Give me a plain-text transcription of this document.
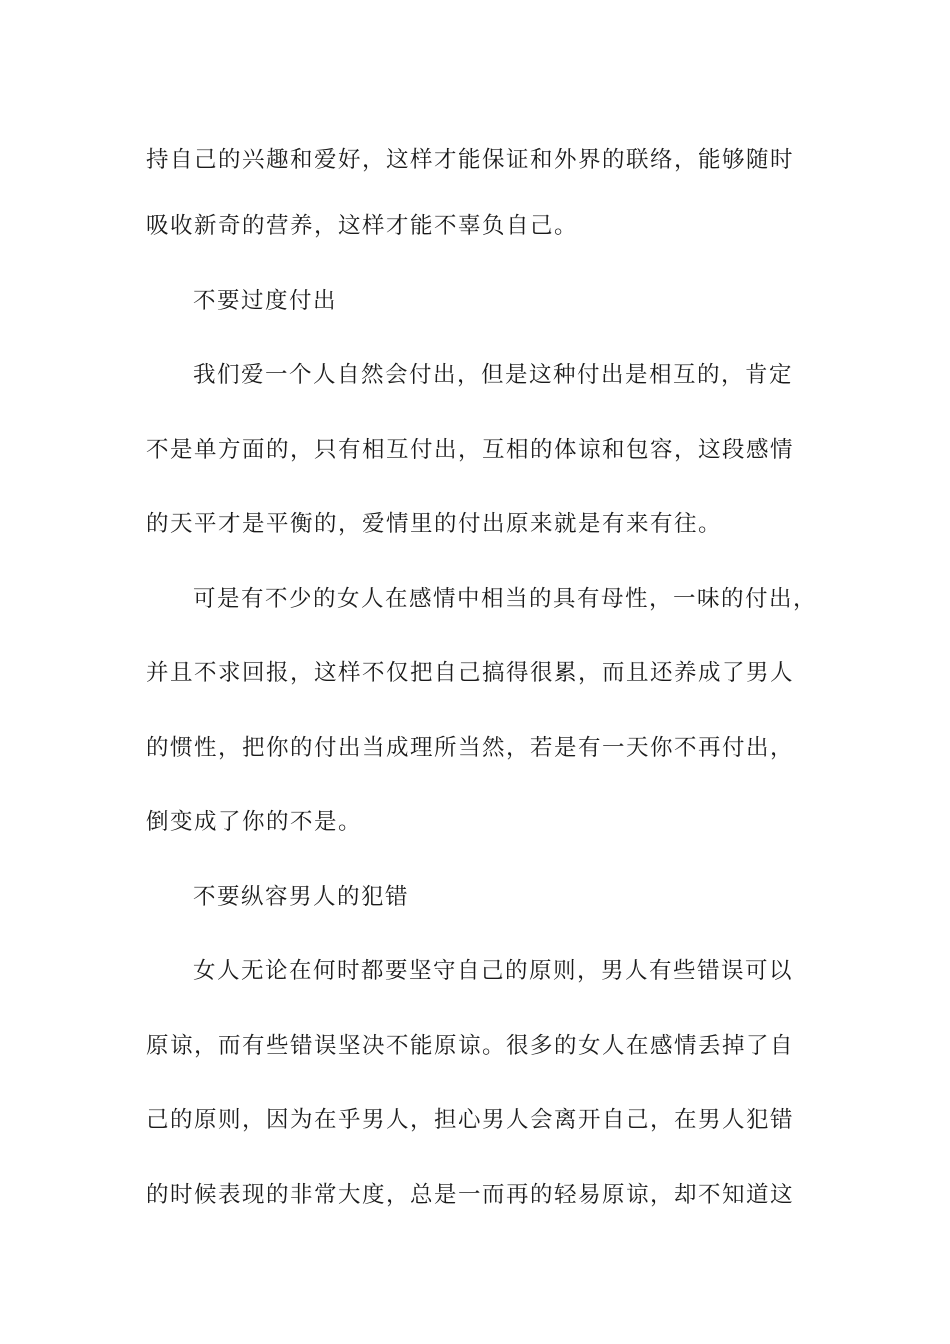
持自己的兴趣和爱好，这样才能保证和外界的联络，能够随时
吸收新奇的营养，这样才能不辜负自己。
不要过度付出
我们爱一个人自然会付出，但是这种付出是相互的，肯定
不是单方面的，只有相互付出，互相的体谅和包容，这段感情
的天平才是平衡的，爱情里的付出原来就是有来有往。
可是有不少的女人在感情中相当的具有母性，一味的付出，
并且不求回报，这样不仅把自己搞得很累，而且还养成了男人
的惯性，把你的付出当成理所当然，若是有一天你不再付出，
倒变成了你的不是。
不要纵容男人的犯错
女人无论在何时都要坚守自己的原则，男人有些错误可以
原谅，而有些错误坚决不能原谅。很多的女人在感情丢掉了自
己的原则，因为在乎男人，担心男人会离开自己，在男人犯错
的时候表现的非常大度，总是一而再的轻易原谅，却不知道这
